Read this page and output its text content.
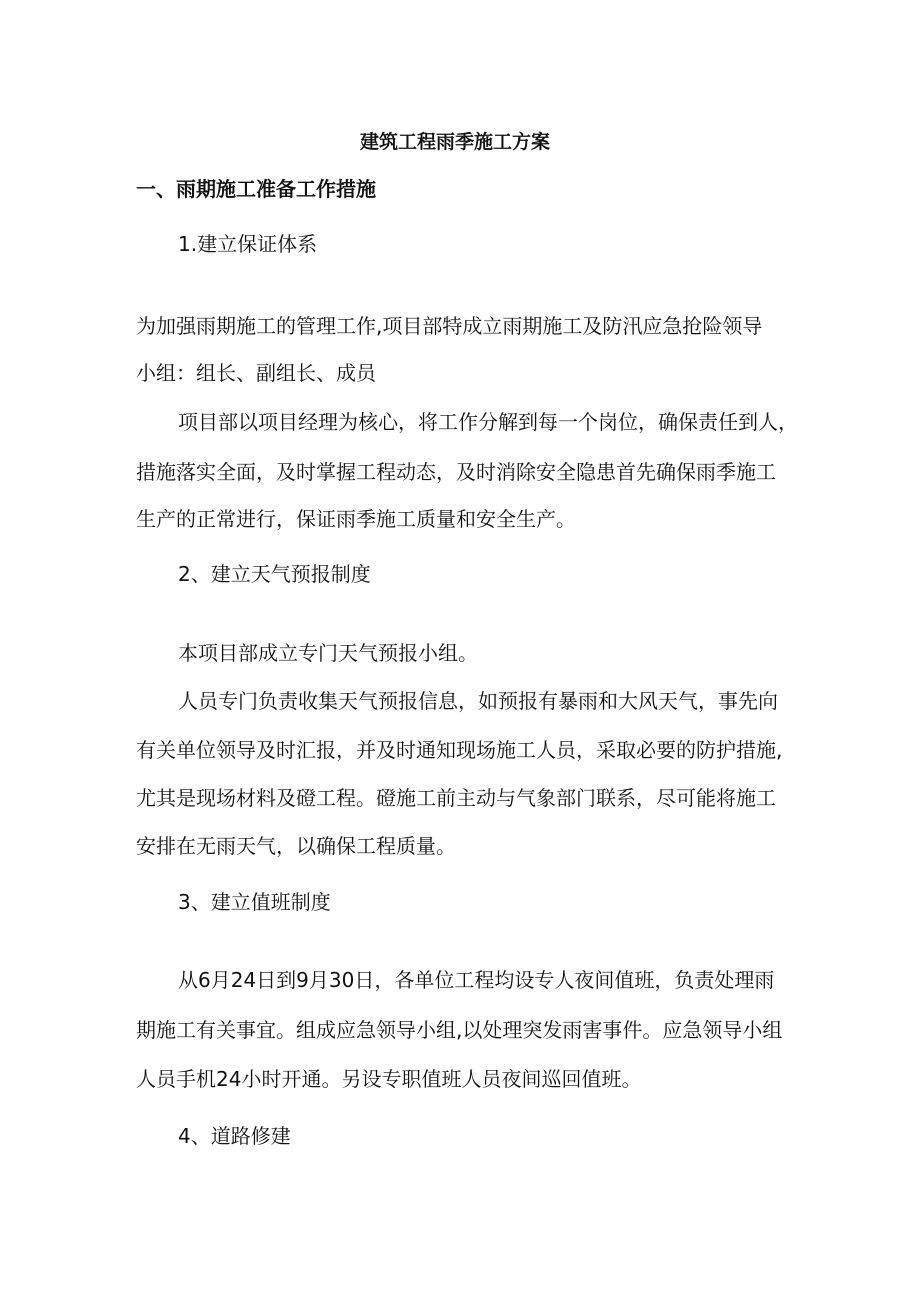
建筑工程雨季施工方案
一、雨期施工准备工作措施
1.建立保证体系
为加强雨期施工的管理工作,项目部特成立雨期施工及防汛应急抢险领导
小组：组长、副组长、成员
项目部以项目经理为核心，将工作分解到每一个岗位，确保责任到人，
措施落实全面，及时掌握工程动态，及时消除安全隐患首先确保雨季施工
生产的正常进行，保证雨季施工质量和安全生产。
2、建立天气预报制度
本项目部成立专门天气预报小组。
人员专门负责收集天气预报信息，如预报有暴雨和大风天气，事先向
有关单位领导及时汇报，并及时通知现场施工人员，采取必要的防护措施,
尤其是现场材料及磴工程。磴施工前主动与气象部门联系，尽可能将施工
安排在无雨天气，以确保工程质量。
3、建立值班制度
从6月24日到9月30日，各单位工程均设专人夜间值班，负责处理雨
期施工有关事宜。组成应急领导小组,以处理突发雨害事件。应急领导小组
人员手机24小时开通。另设专职值班人员夜间巡回值班。
4、道路修建
